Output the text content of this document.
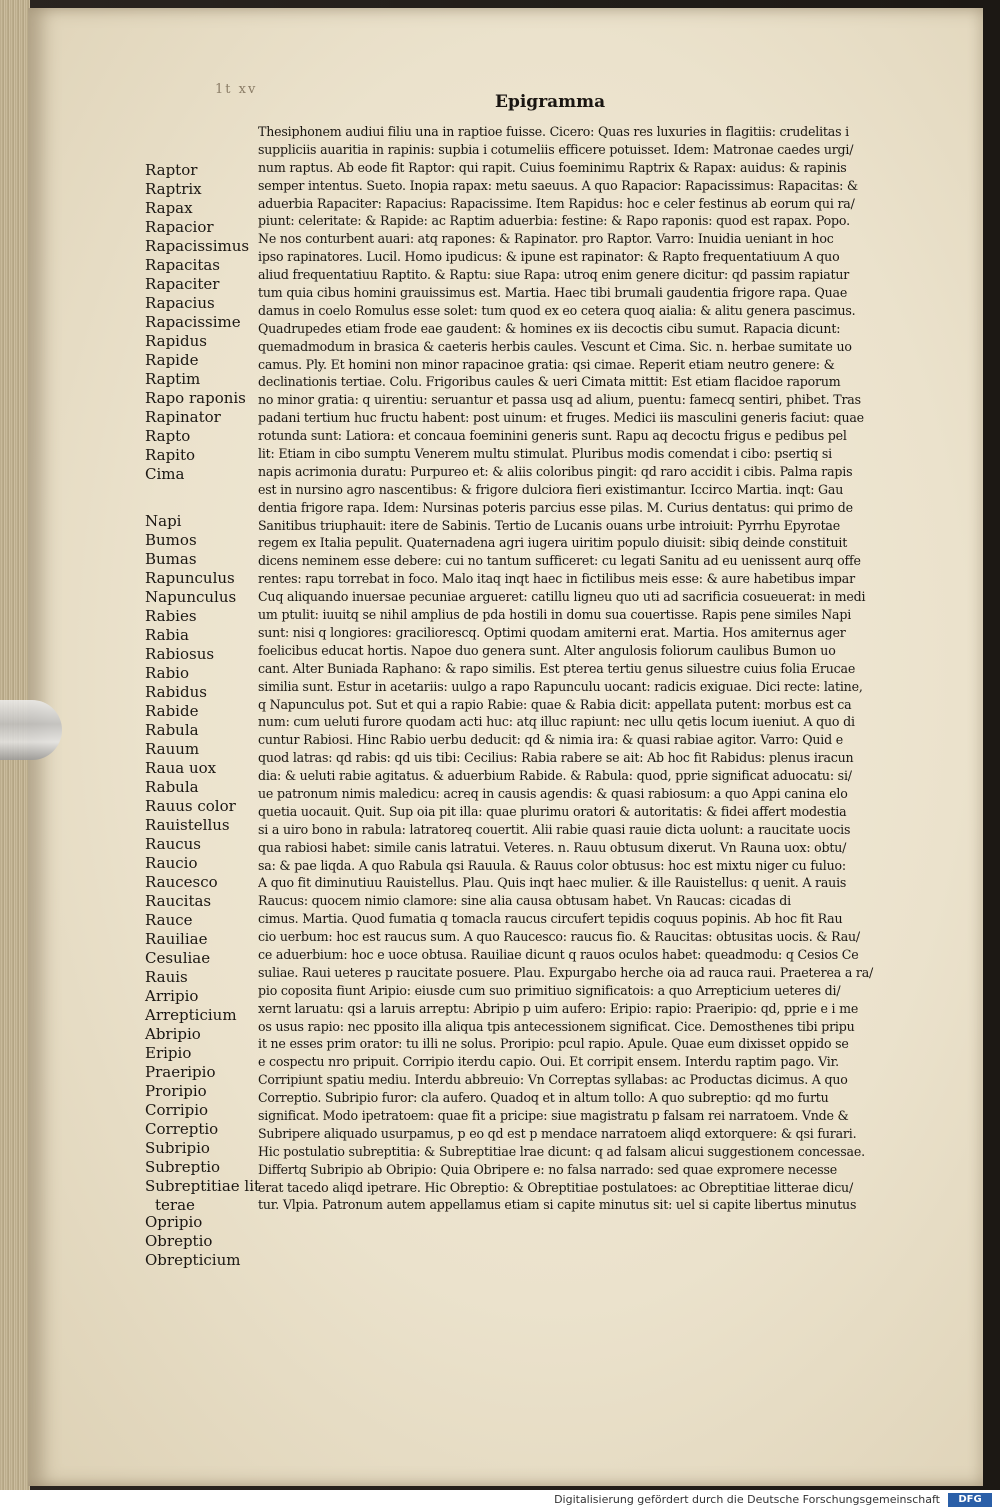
1t xv
Epigramma
Raptor
Raptrix
Rapax
Rapacior
Rapacissimus
Rapacitas
Rapaciter
Rapacius
Rapacissime
Rapidus
Rapide
Raptim
Rapo raponis
Rapinator
Rapto
Rapito
Cima
Napi
Bumos
Bumas
Rapunculus
Napunculus
Rabies
Rabia
Rabiosus
Rabio
Rabidus
Rabide
Rabula
Rauum
Raua uox
Rabula
Rauus color
Rauistellus
Raucus
Raucio
Raucesco
Raucitas
Rauce
Rauiliae
Cesuliae
Rauis
Arripio
Arrepticium
Abripio
Eripio
Praeripio
Proripio
Corripio
Correptio
Subripio
Subreptio
Subreptitiae lit
terae
Opripio
Obreptio
Obrepticium
Thesiphonem audiui filiu una in raptioe fuisse. Cicero: Quas res luxuries in flagitiis: crudelitas i
suppliciis auaritia in rapinis: supbia i cotumeliis efficere potuisset. Idem: Matronae caedes urgi/
num raptus. Ab eode fit Raptor: qui rapit. Cuius foeminimu Raptrix & Rapax: auidus: & rapinis
semper intentus. Sueto. Inopia rapax: metu saeuus. A quo Rapacior: Rapacissimus: Rapacitas: &
aduerbia Rapaciter: Rapacius: Rapacissime. Item Rapidus: hoc e celer festinus ab eorum qui ra/
piunt: celeritate: & Rapide: ac Raptim aduerbia: festine: & Rapo raponis: quod est rapax. Popo.
Ne nos conturbent auari: atq rapones: & Rapinator. pro Raptor. Varro: Inuidia ueniant in hoc
ipso rapinatores. Lucil. Homo ipudicus: & ipune est rapinator: & Rapto frequentatiuum A quo
aliud frequentatiuu Raptito. & Raptu: siue Rapa: utroq enim genere dicitur: qd passim rapiatur
tum quia cibus homini grauissimus est. Martia. Haec tibi brumali gaudentia frigore rapa. Quae
damus in coelo Romulus esse solet: tum quod ex eo cetera quoq aialia: & alitu genera pascimus.
Quadrupedes etiam frode eae gaudent: & homines ex iis decoctis cibu sumut. Rapacia dicunt:
quemadmodum in brasica & caeteris herbis caules. Vescunt et Cima. Sic. n. herbae sumitate uo
camus. Ply. Et homini non minor rapacinoe gratia: qsi cimae. Reperit etiam neutro genere: &
declinationis tertiae. Colu. Frigoribus caules & ueri Cimata mittit: Est etiam flacidoe raporum
no minor gratia: q uirentiu: seruantur et passa usq ad alium, puentu: famecq sentiri, phibet. Tras
padani tertium huc fructu habent: post uinum: et fruges. Medici iis masculini generis faciut: quae
rotunda sunt: Latiora: et concaua foeminini generis sunt. Rapu aq decoctu frigus e pedibus pel
lit: Etiam in cibo sumptu Venerem multu stimulat. Pluribus modis comendat i cibo: psertiq si
napis acrimonia duratu: Purpureo et: & aliis coloribus pingit: qd raro accidit i cibis. Palma rapis
est in nursino agro nascentibus: & frigore dulciora fieri existimantur. Iccirco Martia. inqt: Gau
dentia frigore rapa. Idem: Nursinas poteris parcius esse pilas. M. Curius dentatus: qui primo de
Sanitibus triuphauit: itere de Sabinis. Tertio de Lucanis ouans urbe introiuit: Pyrrhu Epyrotae
regem ex Italia pepulit. Quaternadena agri iugera uiritim populo diuisit: sibiq deinde constituit
dicens neminem esse debere: cui no tantum sufficeret: cu legati Sanitu ad eu uenissent aurq offe
rentes: rapu torrebat in foco. Malo itaq inqt haec in fictilibus meis esse: & aure habetibus impar
Cuq aliquando inuersae pecuniae argueret: catillu ligneu quo uti ad sacrificia cosueuerat: in medi
um ptulit: iuuitq se nihil amplius de pda hostili in domu sua couertisse. Rapis pene similes Napi
sunt: nisi q longiores: graciliorescq. Optimi quodam amiterni erat. Martia. Hos amiternus ager
foelicibus educat hortis. Napoe duo genera sunt. Alter angulosis foliorum caulibus Bumon uo
cant. Alter Buniada Raphano: & rapo similis. Est pterea tertiu genus siluestre cuius folia Erucae
similia sunt. Estur in acetariis: uulgo a rapo Rapunculu uocant: radicis exiguae. Dici recte: latine,
q Napunculus pot. Sut et qui a rapio Rabie: quae & Rabia dicit: appellata putent: morbus est ca
num: cum ueluti furore quodam acti huc: atq illuc rapiunt: nec ullu qetis locum iueniut. A quo di
cuntur Rabiosi. Hinc Rabio uerbu deducit: qd & nimia ira: & quasi rabiae agitor. Varro: Quid e
quod latras: qd rabis: qd uis tibi: Cecilius: Rabia rabere se ait: Ab hoc fit Rabidus: plenus iracun
dia: & ueluti rabie agitatus. & aduerbium Rabide. & Rabula: quod, pprie significat aduocatu: si/
ue patronum nimis maledicu: acreq in causis agendis: & quasi rabiosum: a quo Appi canina elo
quetia uocauit. Quit. Sup oia pit illa: quae plurimu oratori & autoritatis: & fidei affert modestia
si a uiro bono in rabula: latratoreq couertit. Alii rabie quasi rauie dicta uolunt: a raucitate uocis
qua rabiosi habet: simile canis latratui. Veteres. n. Rauu obtusum dixerut. Vn Rauna uox: obtu/
sa: & pae liqda. A quo Rabula qsi Rauula. & Rauus color obtusus: hoc est mixtu niger cu fuluo:
A quo fit diminutiuu Rauistellus. Plau. Quis inqt haec mulier. & ille Rauistellus: q uenit. A rauis
Raucus: quocem nimio clamore: sine alia causa obtusam habet. Vn Raucas: cicadas di
cimus. Martia. Quod fumatia q tomacla raucus circufert tepidis coquus popinis. Ab hoc fit Rau
cio uerbum: hoc est raucus sum. A quo Raucesco: raucus fio. & Raucitas: obtusitas uocis. & Rau/
ce aduerbium: hoc e uoce obtusa. Rauiliae dicunt q rauos oculos habet: queadmodu: q Cesios Ce
suliae. Raui ueteres p raucitate posuere. Plau. Expurgabo herche oia ad rauca raui. Praeterea a ra/
pio coposita fiunt Aripio: eiusde cum suo primitiuo significatois: a quo Arrepticium ueteres di/
xernt laruatu: qsi a laruis arreptu: Abripio p uim aufero: Eripio: rapio: Praeripio: qd, pprie e i me
os usus rapio: nec pposito illa aliqua tpis antecessionem significat. Cice. Demosthenes tibi pripu
it ne esses prim orator: tu illi ne solus. Proripio: pcul rapio. Apule. Quae eum dixisset oppido se
e cospectu nro pripuit. Corripio iterdu capio. Oui. Et corripit ensem. Interdu raptim pago. Vir.
Corripiunt spatiu mediu. Interdu abbreuio: Vn Correptas syllabas: ac Productas dicimus. A quo
Correptio. Subripio furor: cla aufero. Quadoq et in altum tollo: A quo subreptio: qd mo furtu
significat. Modo ipetratoem: quae fit a pricipe: siue magistratu p falsam rei narratoem. Vnde &
Subripere aliquado usurpamus, p eo qd est p mendace narratoem aliqd extorquere: & qsi furari.
Hic postulatio subreptitia: & Subreptitiae lrae dicunt: q ad falsam alicui suggestionem concessae.
Differtq Subripio ab Obripio: Quia Obripere e: no falsa narrado: sed quae expromere necesse
erat tacedo aliqd ipetrare. Hic Obreptio: & Obreptitiae postulatoes: ac Obreptitiae litterae dicu/
tur. Vlpia. Patronum autem appellamus etiam si capite minutus sit: uel si capite libertus minutus
Digitalisierung gefördert durch die Deutsche Forschungsgemeinschaft	DFG
